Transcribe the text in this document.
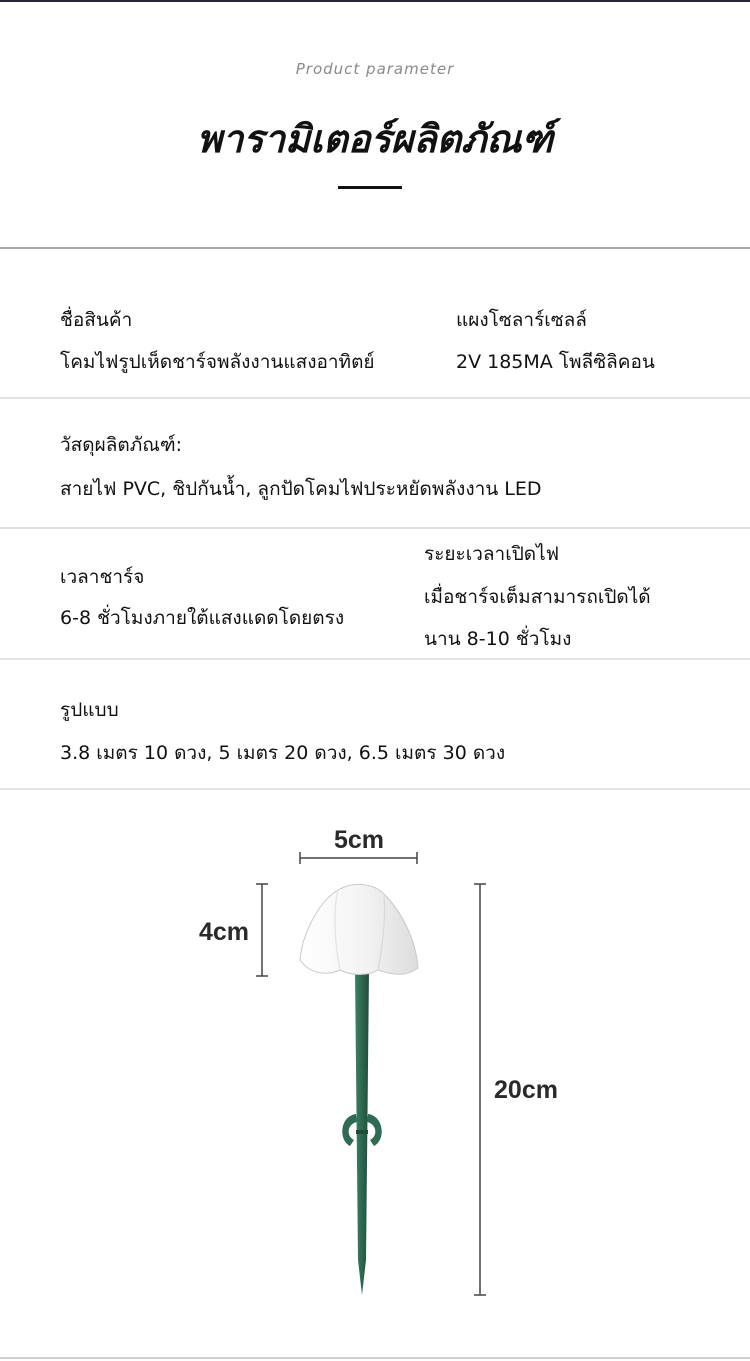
Product parameter
พารามิเตอร์ผลิตภัณฑ์
ชื่อสินค้า
โคมไฟรูปเห็ดชาร์จพลังงานแสงอาทิตย์
แผงโซลาร์เซลล์
2V 185MA โพลีซิลิคอน
วัสดุผลิตภัณฑ์:
สายไฟ PVC, ชิปกันน้ำ, ลูกปัดโคมไฟประหยัดพลังงาน LED
เวลาชาร์จ
6-8 ชั่วโมงภายใต้แสงแดดโดยตรง
ระยะเวลาเปิดไฟ
เมื่อชาร์จเต็มสามารถเปิดได้
นาน 8-10 ชั่วโมง
รูปแบบ
3.8 เมตร 10 ดวง, 5 เมตร 20 ดวง, 6.5 เมตร 30 ดวง
5cm
4cm
20cm
